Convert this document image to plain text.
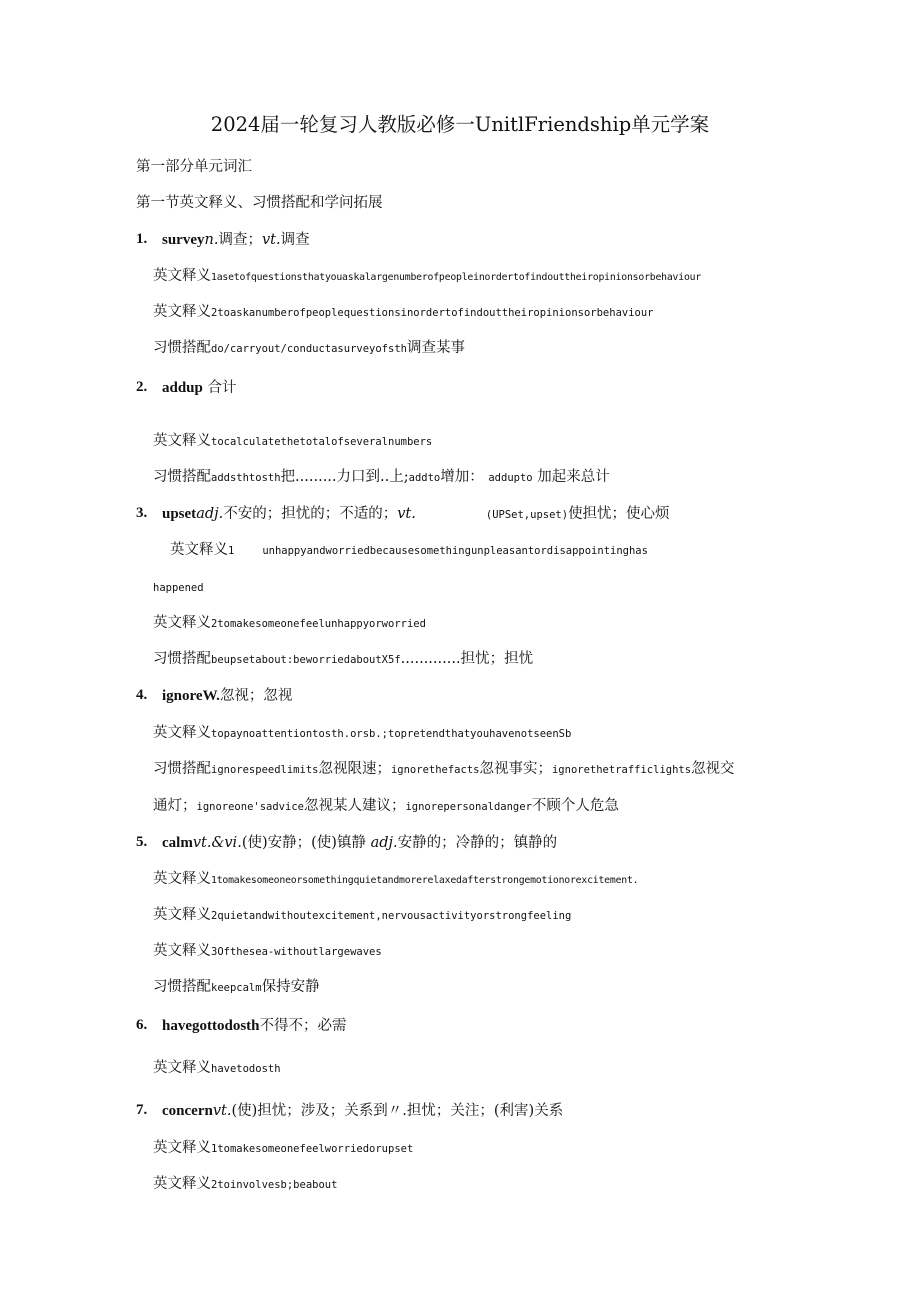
2024届一轮复习人教版必修一UnitlFriendship单元学案
第一部分单元词汇
第一节英文释义、习惯搭配和学问拓展
1. surveyn.调查；vt.调查
英文释义1asetofquestionsthatyouaskalargenumberofpeopleinordertofindouttheiropinionsorbehaviour
英文释义2toaskanumberofpeoplequestionsinordertofindouttheiropinionsorbehaviour
习惯搭配do/carryout/conductasurveyofsth调查某事
2. addup 合计
英文释义tocalculatethetotalofseveralnumbers
习惯搭配addsthtosth把.........力口到..上;addto增加： addupto 加起来总计
3. upsetadj.不安的；担忧的；不适的；vt.	(UPSet,upset)使担忧；使心烦
英文释义1	unhappyandworriedbecausesomethingunpleasantordisappointinghas
happened
英文释义2tomakesomeonefeelunhappyorworried
习惯搭配beupsetabout:beworriedaboutX5f.............担忧；担忧
4. ignoreW.忽视；忽视
英文释义topaynoattentiontosth.orsb.;topretendthatyouhavenotseenSb
习惯搭配ignorespeedlimits忽视限速；ignorethefacts忽视事实；ignorethetrafficlights忽视交
通灯；ignoreone'sadvice忽视某人建议；ignorepersonaldanger不顾个人危急
5. calmvt.&vi.(使)安静；(使)镇静 adj.安静的；冷静的；镇静的
英文释义1tomakesomeoneorsomethingquietandmorerelaxedafterstrongemotionorexcitement.
英文释义2quietandwithoutexcitement,nervousactivityorstrongfeeling
英文释义3Ofthesea-withoutlargewaves
习惯搭配keepcalm保持安静
6. havegottodosth不得不；必需
英文释义havetodosth
7. concernvt.(使)担忧；涉及；关系到〃.担忧；关注；(利害)关系
英文释义1tomakesomeonefeelworriedorupset
英文释义2toinvolvesb;beabout
